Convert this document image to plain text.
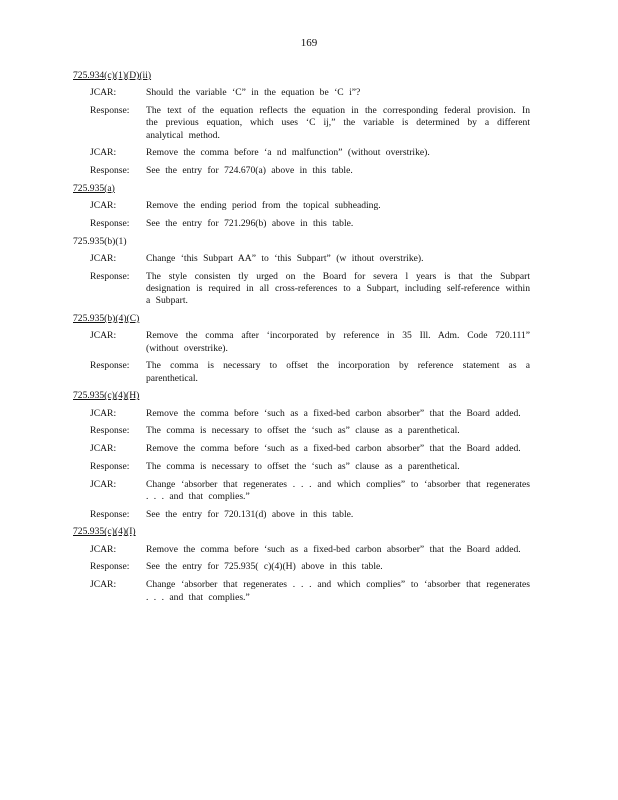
169
725.934(c)(1)(D)(ii)
JCAR:	Should the variable ‘C” in the equation be ‘C i”?
Response:	The text of the equation reflects the equation in the corresponding federal provision. In the previous equation, which uses ‘C ij,” the variable is determined by a different analytical method.
JCAR:	Remove the comma before ‘a nd malfunction” (without overstrike).
Response:	See the entry for 724.670(a) above in this table.
725.935(a)
JCAR:	Remove the ending period from the topical subheading.
Response:	See the entry for 721.296(b) above in this table.
725.935(b)(1)
JCAR:	Change ‘this Subpart AA” to ‘this Subpart” (w ithout overstrike).
Response:	The style consisten tly urged on the Board for severa l years is that the Subpart designation is required in all cross-references to a Subpart, including self-reference within a Subpart.
725.935(b)(4)(C)
JCAR:	Remove the comma after ‘incorporated by reference in 35 Ill. Adm. Code 720.111” (without overstrike).
Response:	The comma is necessary to offset the incorporation by reference statement as a parenthetical.
725.935(c)(4)(H)
JCAR:	Remove the comma before ‘such as a fixed-bed carbon absorber” that the Board added.
Response:	The comma is necessary to offset the ‘such as” clause as a parenthetical.
JCAR:	Remove the comma before ‘such as a fixed-bed carbon absorber” that the Board added.
Response:	The comma is necessary to offset the ‘such as” clause as a parenthetical.
JCAR:	Change ‘absorber that regenerates . . . and which complies” to ‘absorber that regenerates . . . and that complies.”
Response:	See the entry for 720.131(d) above in this table.
725.935(c)(4)(I)
JCAR:	Remove the comma before ‘such as a fixed-bed carbon absorber” that the Board added.
Response:	See the entry for 725.935( c)(4)(H) above in this table.
JCAR:	Change ‘absorber that regenerates . . . and which complies” to ‘absorber that regenerates . . . and that complies.”
